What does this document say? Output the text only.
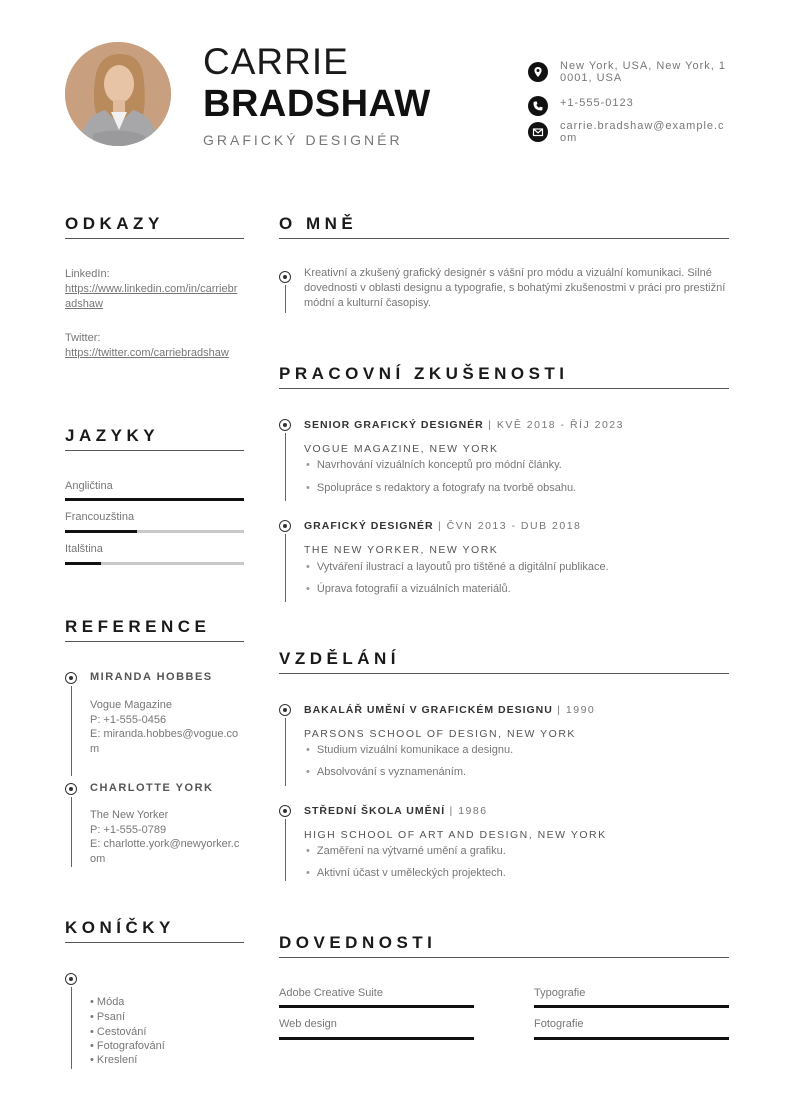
CARRIE
BRADSHAW
GRAFICKÝ DESIGNÉR
New York, USA, New York, 10001, USA
+1-555-0123
carrie.bradshaw@example.com
ODKAZY
LinkedIn:
https://www.linkedin.com/in/carriebradshaw
Twitter:
https://twitter.com/carriebradshaw
JAZYKY
Angličtina
Francouzština
Italština
REFERENCE
MIRANDA HOBBES
Vogue Magazine
P: +1-555-0456
E: miranda.hobbes@vogue.com
CHARLOTTE YORK
The New Yorker
P: +1-555-0789
E: charlotte.york@newyorker.com
KONÍČKY
• Móda
• Psaní
• Cestování
• Fotografování
• Kreslení
O MNĚ
Kreativní a zkušený grafický designér s vášní pro módu a vizuální komunikaci. Silné dovednosti v oblasti designu a typografie, s bohatými zkušenostmi v práci pro prestižní módní a kulturní časopisy.
PRACOVNÍ ZKUŠENOSTI
SENIOR GRAFICKÝ DESIGNÉR | KVĚ 2018 - ŘÍJ 2023
VOGUE MAGAZINE, NEW YORK
• Navrhování vizuálních konceptů pro módní články.
• Spolupráce s redaktory a fotografy na tvorbě obsahu.
GRAFICKÝ DESIGNÉR | ČVN 2013 - DUB 2018
THE NEW YORKER, NEW YORK
• Vytváření ilustrací a layoutů pro tištěné a digitální publikace.
• Úprava fotografií a vizuálních materiálů.
VZDĚLÁNÍ
BAKALÁŘ UMĚNÍ V GRAFICKÉM DESIGNU | 1990
PARSONS SCHOOL OF DESIGN, NEW YORK
• Studium vizuální komunikace a designu.
• Absolvování s vyznamenáním.
STŘEDNÍ ŠKOLA UMĚNÍ | 1986
HIGH SCHOOL OF ART AND DESIGN, NEW YORK
• Zaměření na výtvarné umění a grafiku.
• Aktivní účast v uměleckých projektech.
DOVEDNOSTI
Adobe Creative Suite	Typografie
Web design	Fotografie
